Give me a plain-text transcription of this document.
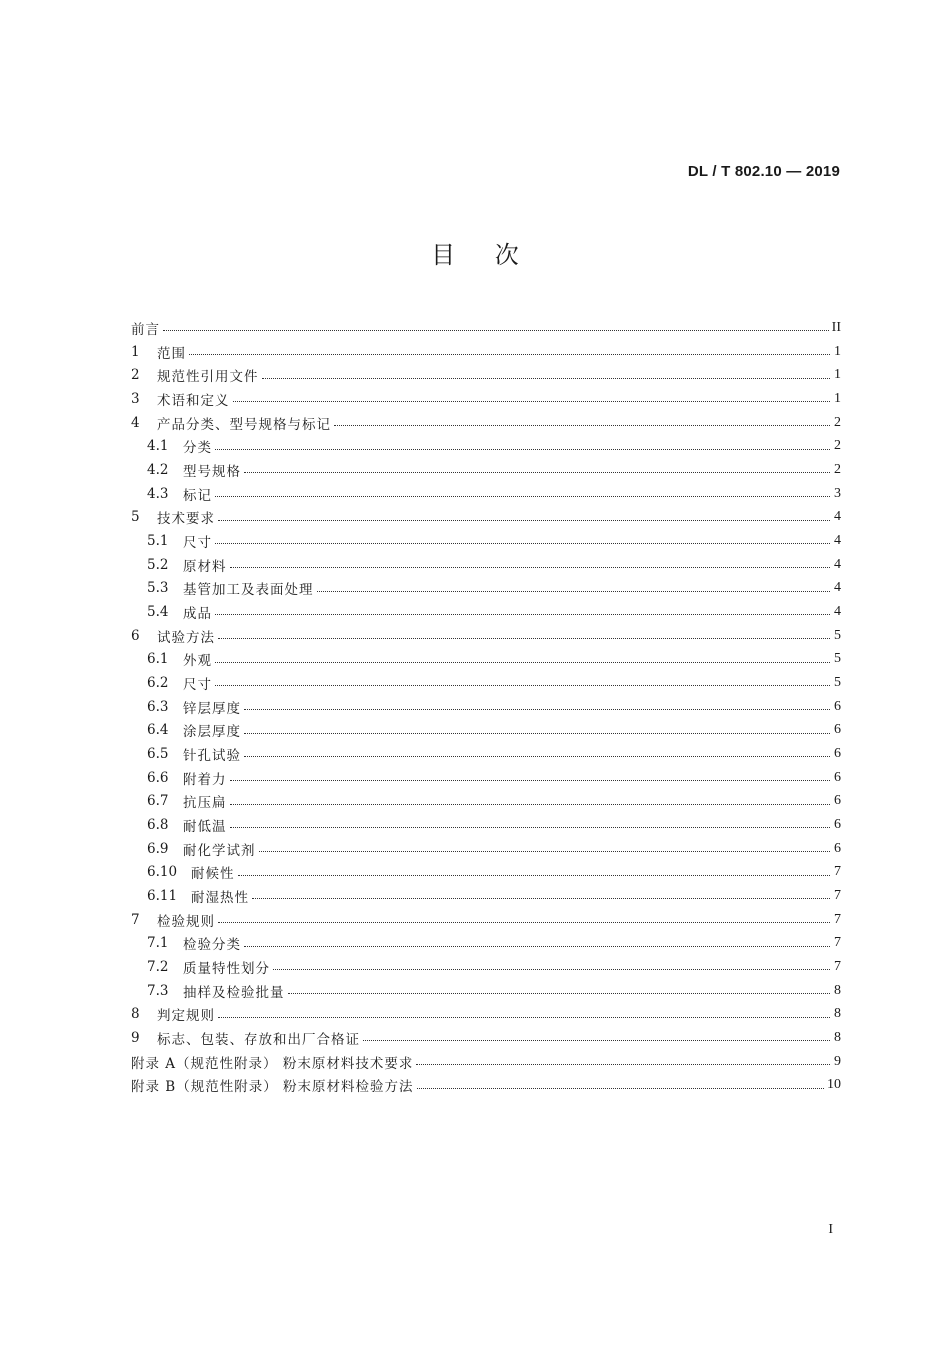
DL / T 802.10 — 2019
目 次
前言	II
1	范围	1
2	规范性引用文件	1
3	术语和定义	1
4	产品分类、型号规格与标记	2
4.1	分类	2
4.2	型号规格	2
4.3	标记	3
5	技术要求	4
5.1	尺寸	4
5.2	原材料	4
5.3	基管加工及表面处理	4
5.4	成品	4
6	试验方法	5
6.1	外观	5
6.2	尺寸	5
6.3	锌层厚度	6
6.4	涂层厚度	6
6.5	针孔试验	6
6.6	附着力	6
6.7	抗压扁	6
6.8	耐低温	6
6.9	耐化学试剂	6
6.10	耐候性	7
6.11	耐湿热性	7
7	检验规则	7
7.1	检验分类	7
7.2	质量特性划分	7
7.3	抽样及检验批量	8
8	判定规则	8
9	标志、包装、存放和出厂合格证	8
附录 A（规范性附录） 粉末原材料技术要求	9
附录 B（规范性附录） 粉末原材料检验方法	10
I
